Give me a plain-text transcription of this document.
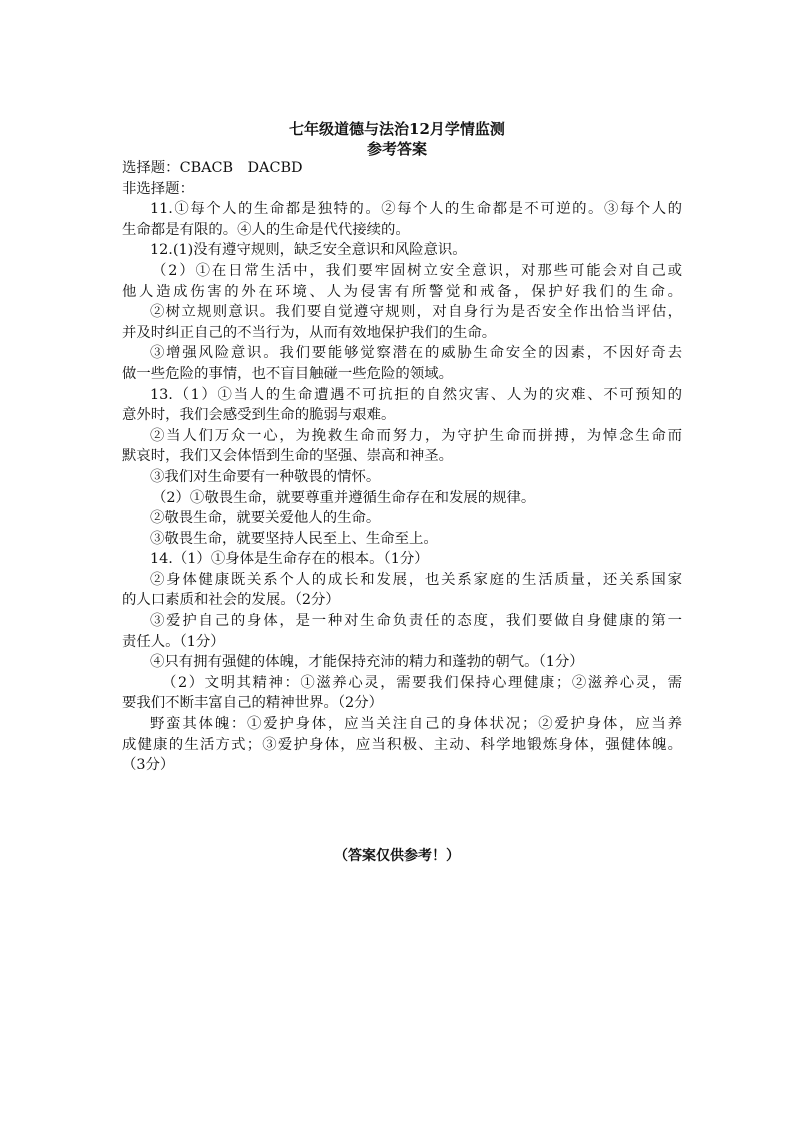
七年级道德与法治12月学情监测
参考答案
选择题：CBACB　DACBD
非选择题：
11.①每个人的生命都是独特的。②每个人的生命都是不可逆的。③每个人的
生命都是有限的。④人的生命是代代接续的。
12.(1)没有遵守规则，缺乏安全意识和风险意识。
（2）①在日常生活中，我们要牢固树立安全意识，对那些可能会对自己或
他人造成伤害的外在环境、人为侵害有所警觉和戒备，保护好我们的生命。
②树立规则意识。我们要自觉遵守规则，对自身行为是否安全作出恰当评估，
并及时纠正自己的不当行为，从而有效地保护我们的生命。
③增强风险意识。我们要能够觉察潜在的威胁生命安全的因素，不因好奇去
做一些危险的事情，也不盲目触碰一些危险的领域。
13.（1）①当人的生命遭遇不可抗拒的自然灾害、人为的灾难、不可预知的
意外时，我们会感受到生命的脆弱与艰难。
②当人们万众一心，为挽救生命而努力，为守护生命而拼搏，为悼念生命而
默哀时，我们又会体悟到生命的坚强、崇高和神圣。
③我们对生命要有一种敬畏的情怀。
（2）①敬畏生命，就要尊重并遵循生命存在和发展的规律。
②敬畏生命，就要关爱他人的生命。
③敬畏生命，就要坚持人民至上、生命至上。
14.（1）①身体是生命存在的根本。（1分）
②身体健康既关系个人的成长和发展，也关系家庭的生活质量，还关系国家
的人口素质和社会的发展。（2分）
③爱护自己的身体，是一种对生命负责任的态度，我们要做自身健康的第一
责任人。（1分）
④只有拥有强健的体魄，才能保持充沛的精力和蓬勃的朝气。（1分）
（2）文明其精神：①滋养心灵，需要我们保持心理健康；②滋养心灵，需
要我们不断丰富自己的精神世界。（2分）
野蛮其体魄：①爱护身体，应当关注自己的身体状况；②爱护身体，应当养
成健康的生活方式；③爱护身体，应当积极、主动、科学地锻炼身体，强健体魄。
（3分）
（答案仅供参考！）
